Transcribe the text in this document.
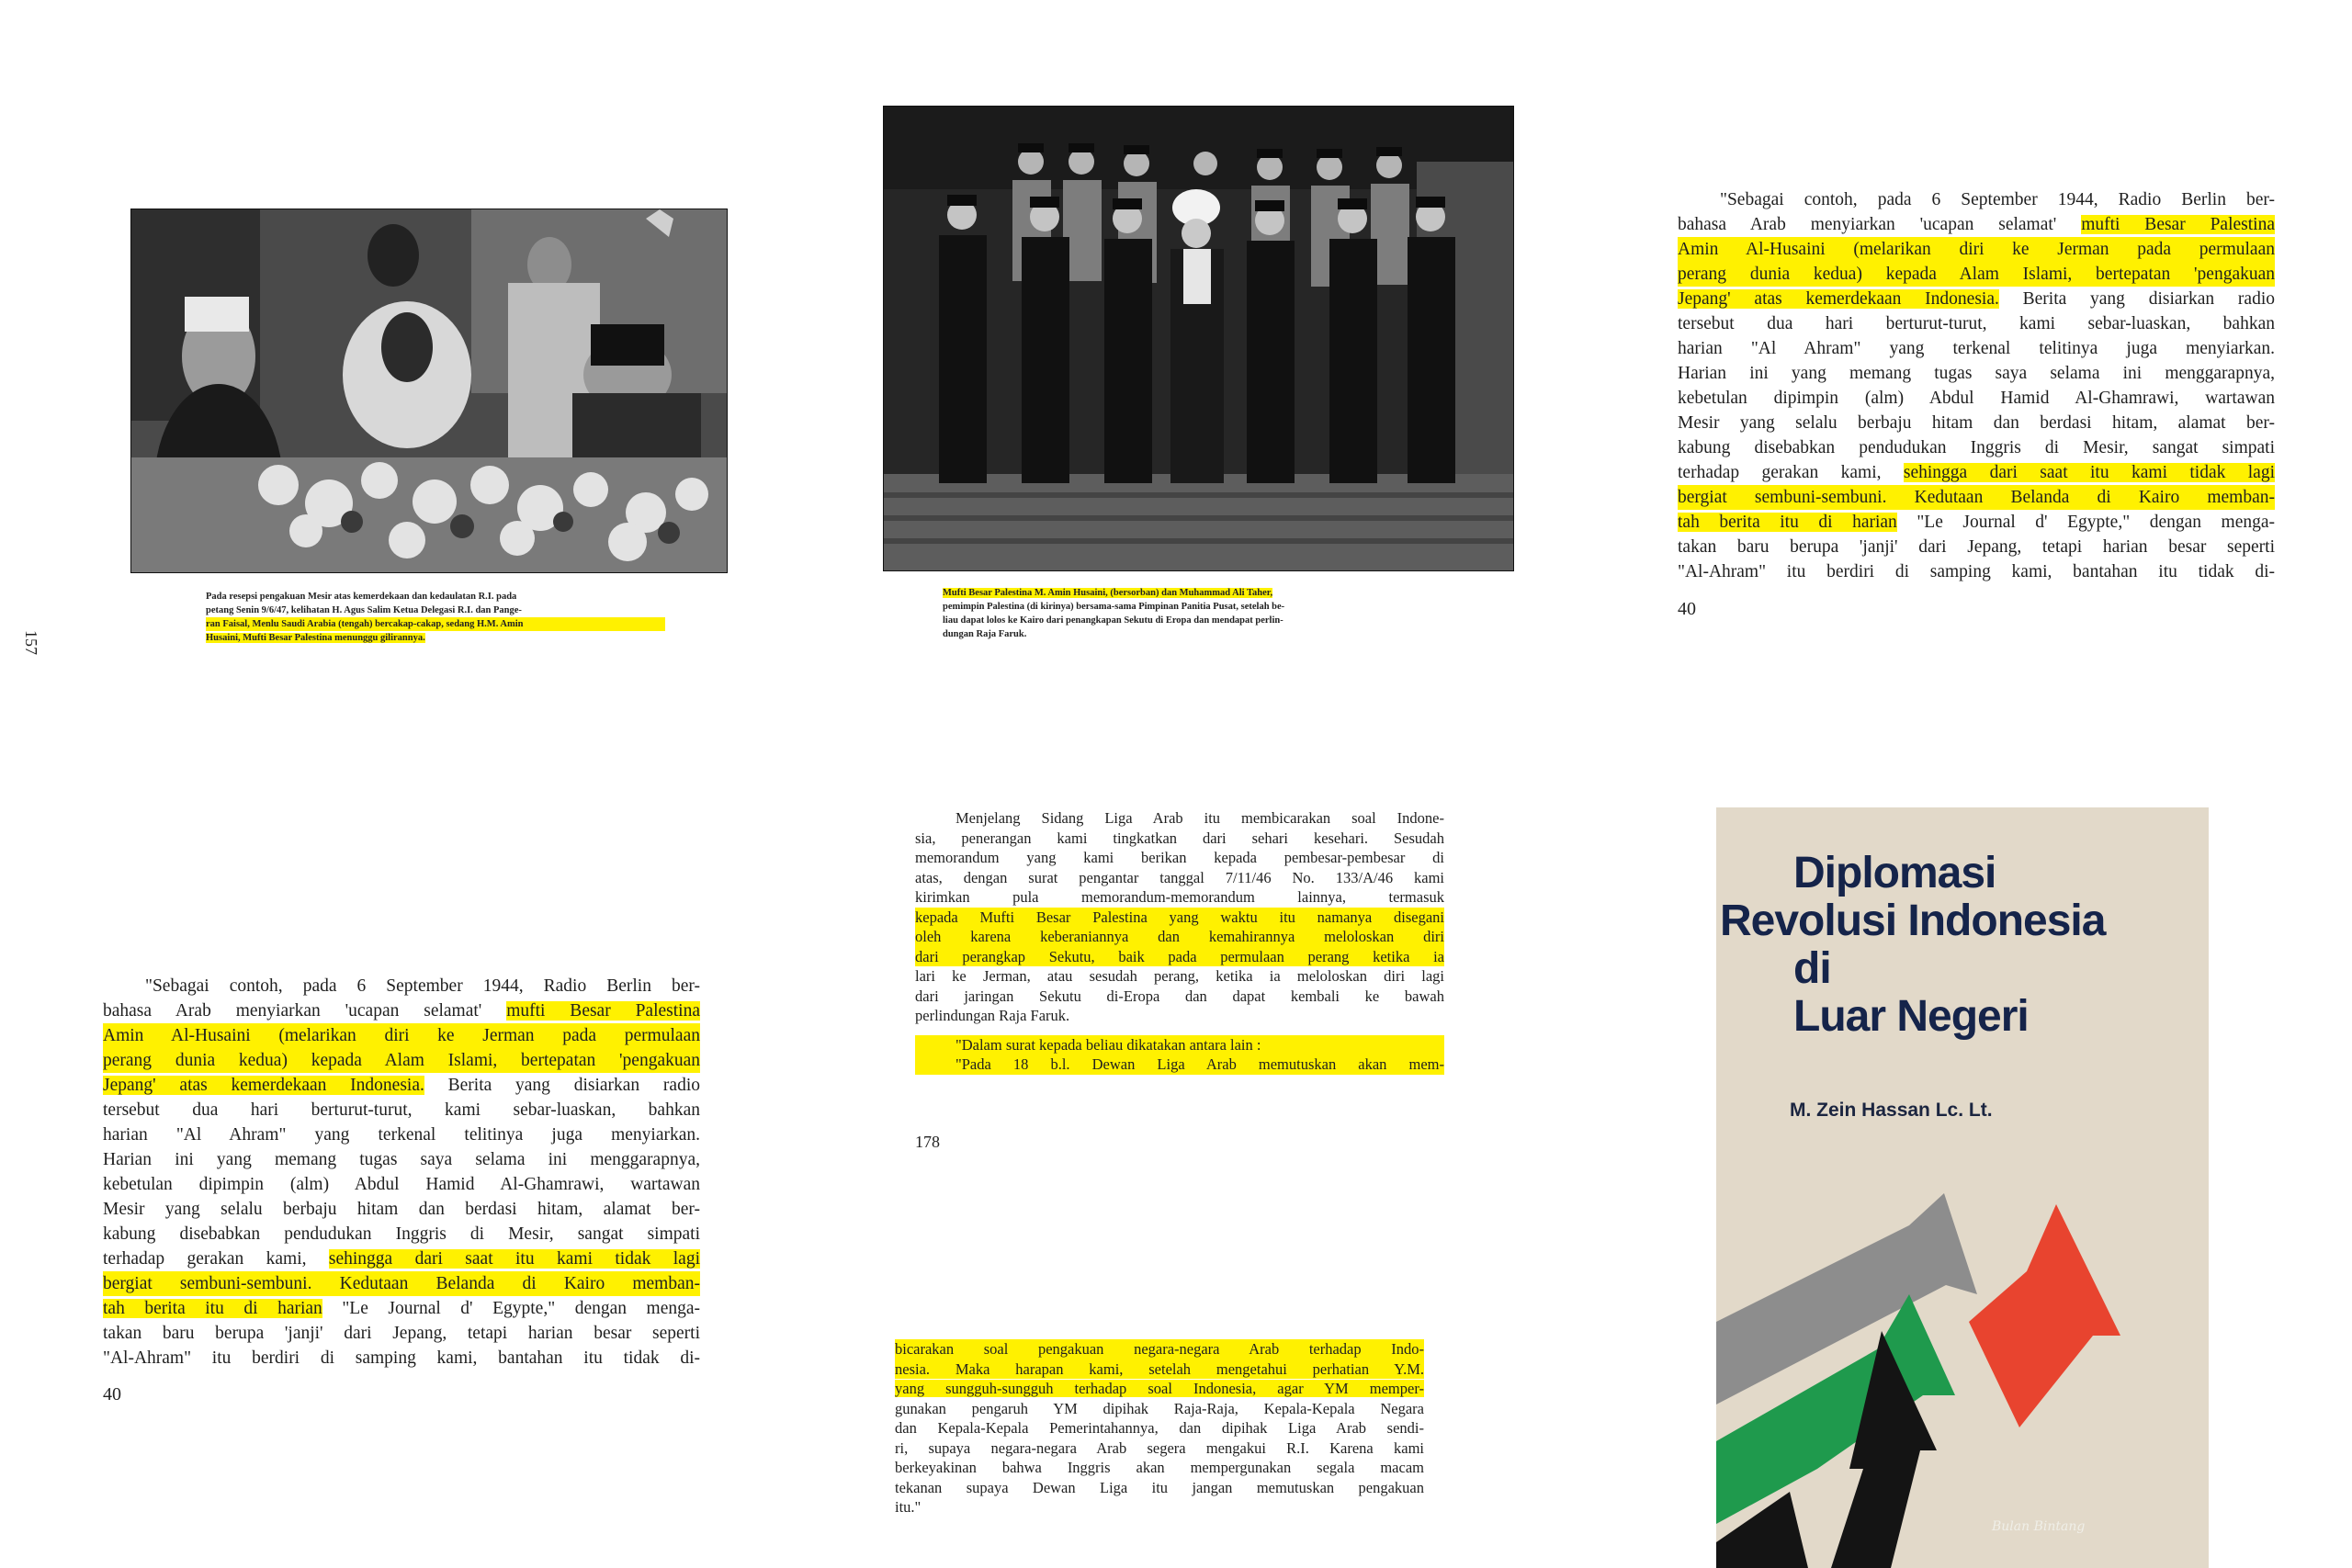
Pada resepsi pengakuan Mesir atas kemerdekaan dan kedaulatan R.I. pada
petang Senin 9/6/47, kelihatan H. Agus Salim Ketua Delegasi R.I. dan Pange-
ran Faisal, Menlu Saudi Arabia (tengah) bercakap-cakap, sedang H.M. Amin
Husaini, Mufti Besar Palestina menunggu gilirannya.
157
Mufti Besar Palestina M. Amin Husaini, (bersorban) dan Muhammad Ali Taher,
pemimpin Palestina (di kirinya) bersama-sama Pimpinan Panitia Pusat, setelah be-
liau dapat lolos ke Kairo dari penangkapan Sekutu di Eropa dan mendapat perlin-
dungan Raja Faruk.
"Sebagai contoh, pada 6 September 1944, Radio Berlin ber-
bahasa Arab menyiarkan 'ucapan selamat' mufti Besar Palestina
Amin Al-Husaini (melarikan diri ke Jerman pada permulaan
perang dunia kedua) kepada Alam Islami, bertepatan 'pengakuan
Jepang' atas kemerdekaan Indonesia. Berita yang disiarkan radio
tersebut dua hari berturut-turut, kami sebar-luaskan, bahkan
harian "Al Ahram" yang terkenal telitinya juga menyiarkan.
Harian ini yang memang tugas saya selama ini menggarapnya,
kebetulan dipimpin (alm) Abdul Hamid Al-Ghamrawi, wartawan
Mesir yang selalu berbaju hitam dan berdasi hitam, alamat ber-
kabung disebabkan pendudukan Inggris di Mesir, sangat simpati
terhadap gerakan kami, sehingga dari saat itu kami tidak lagi
bergiat sembuni-sembuni. Kedutaan Belanda di Kairo memban-
tah berita itu di harian "Le Journal d' Egypte," dengan menga-
takan baru berupa 'janji' dari Jepang, tetapi harian besar seperti
"Al-Ahram" itu berdiri di samping kami, bantahan itu tidak di-
40
"Sebagai contoh, pada 6 September 1944, Radio Berlin ber-
bahasa Arab menyiarkan 'ucapan selamat' mufti Besar Palestina
Amin Al-Husaini (melarikan diri ke Jerman pada permulaan
perang dunia kedua) kepada Alam Islami, bertepatan 'pengakuan
Jepang' atas kemerdekaan Indonesia. Berita yang disiarkan radio
tersebut dua hari berturut-turut, kami sebar-luaskan, bahkan
harian "Al Ahram" yang terkenal telitinya juga menyiarkan.
Harian ini yang memang tugas saya selama ini menggarapnya,
kebetulan dipimpin (alm) Abdul Hamid Al-Ghamrawi, wartawan
Mesir yang selalu berbaju hitam dan berdasi hitam, alamat ber-
kabung disebabkan pendudukan Inggris di Mesir, sangat simpati
terhadap gerakan kami, sehingga dari saat itu kami tidak lagi
bergiat sembuni-sembuni. Kedutaan Belanda di Kairo memban-
tah berita itu di harian "Le Journal d' Egypte," dengan menga-
takan baru berupa 'janji' dari Jepang, tetapi harian besar seperti
"Al-Ahram" itu berdiri di samping kami, bantahan itu tidak di-
40
Menjelang Sidang Liga Arab itu membicarakan soal Indone-
sia, penerangan kami tingkatkan dari sehari kesehari. Sesudah
memorandum yang kami berikan kepada pembesar-pembesar di
atas, dengan surat pengantar tanggal 7/11/46 No. 133/A/46 kami
kirimkan pula memorandum-memorandum lainnya, termasuk
kepada Mufti Besar Palestina yang waktu itu namanya disegani
oleh karena keberaniannya dan kemahirannya meloloskan diri
dari perangkap Sekutu, baik pada permulaan perang ketika ia
lari ke Jerman, atau sesudah perang, ketika ia meloloskan diri lagi
dari jaringan Sekutu di-Eropa dan dapat kembali ke bawah
perlindungan Raja Faruk.
"Dalam surat kepada beliau dikatakan antara lain :
"Pada 18 b.l. Dewan Liga Arab memutuskan akan mem-
178
bicarakan soal pengakuan negara-negara Arab terhadap Indo-
nesia. Maka harapan kami, setelah mengetahui perhatian Y.M.
yang sungguh-sungguh terhadap soal Indonesia, agar YM memper-
gunakan pengaruh YM dipihak Raja-Raja, Kepala-Kepala Negara
dan Kepala-Kepala Pemerintahannya, dan dipihak Liga Arab sendi-
ri, supaya negara-negara Arab segera mengakui R.I. Karena kami
berkeyakinan bahwa Inggris akan mempergunakan segala macam
tekanan supaya Dewan Liga itu jangan memutuskan pengakuan
itu."
Diplomasi
Revolusi Indonesia
di
Luar Negeri
M. Zein Hassan Lc. Lt.
Bulan Bintang
